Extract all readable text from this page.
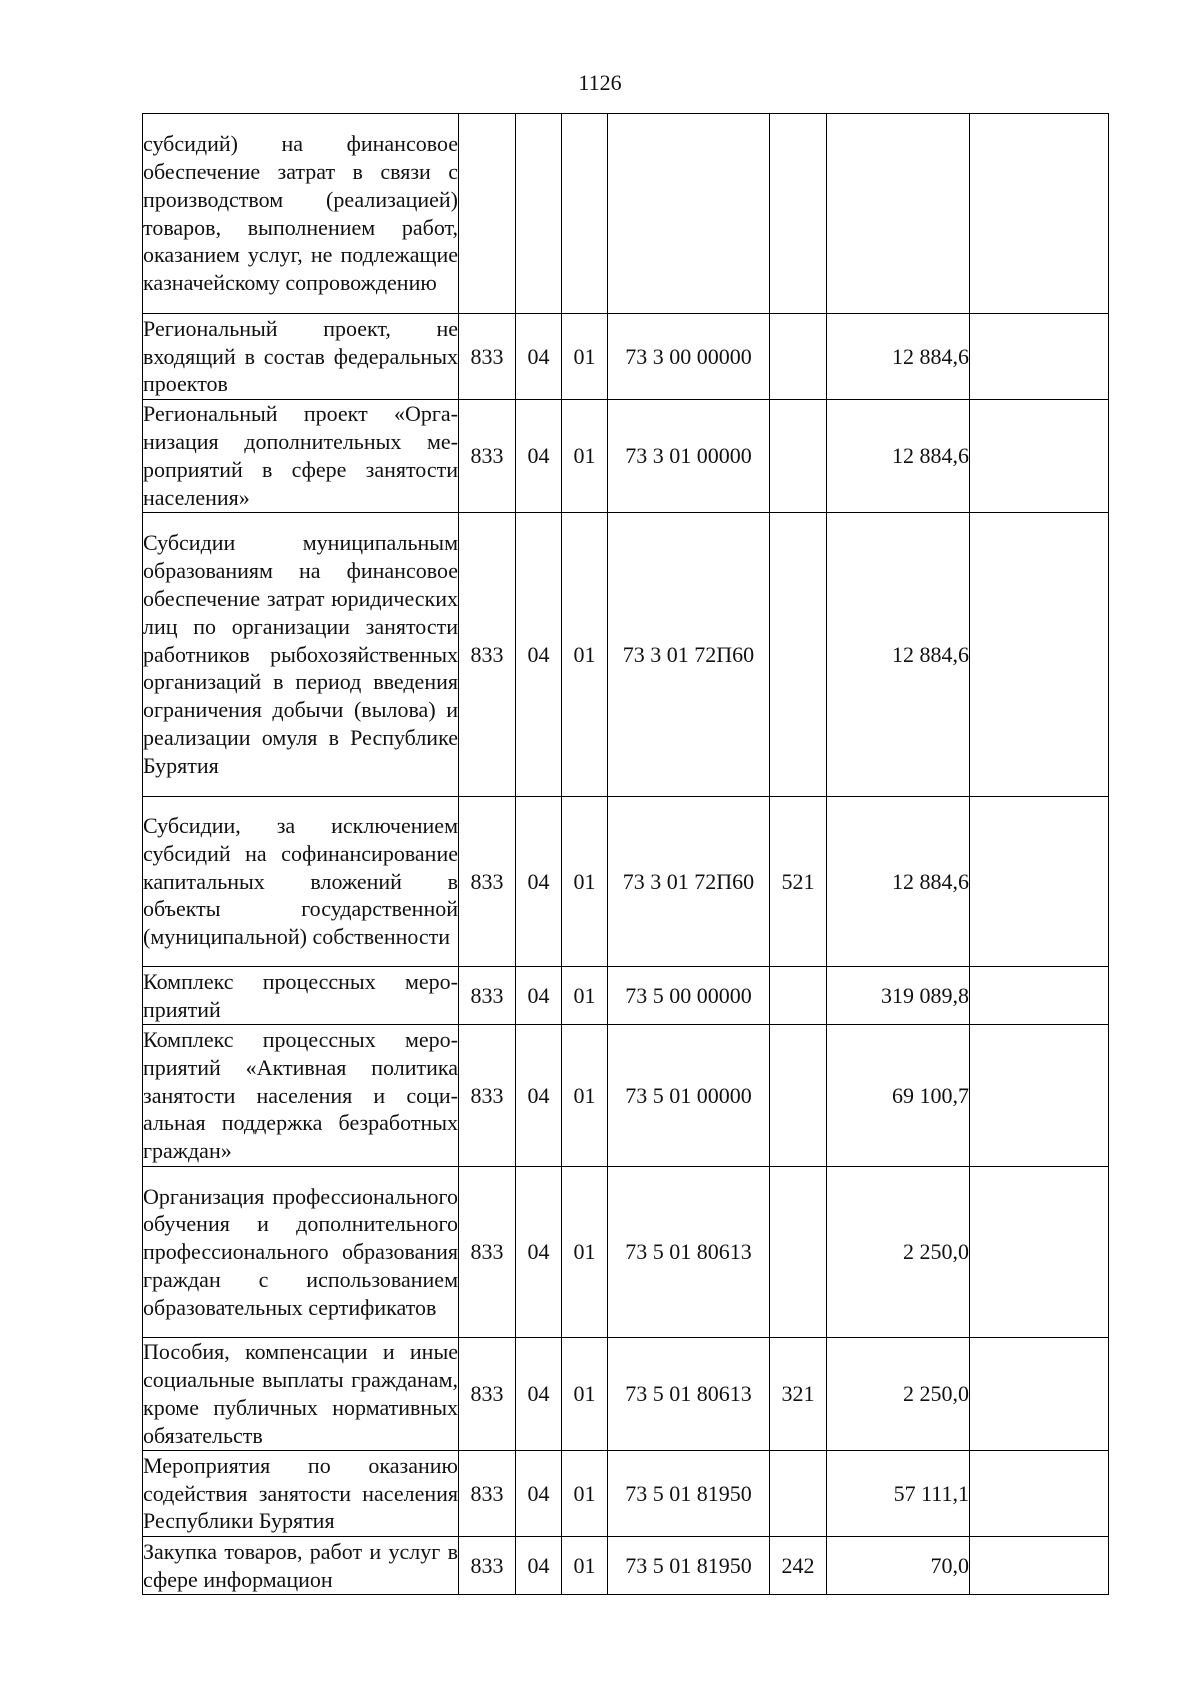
1126
субсидий) на финансовое обеспечение затрат в связи с производством (реализацией) товаров, выполнением работ, оказанием услуг, не подлежащие казначейскому сопровождению							
Региональный проект, не входящий в состав федеральных проектов	833	04	01	73 3 00 00000		12 884,6	
Региональный проект «Организация дополнительных мероприятий в сфере занятости населения»	833	04	01	73 3 01 00000		12 884,6	
Субсидии муниципальным образованиям на финансовое обеспечение затрат юридических лиц по организации занятости работников рыбохозяйственных организаций в период введения ограничения добычи (вылова) и реализации омуля в Республике Бурятия	833	04	01	73 3 01 72П60		12 884,6	
Субсидии, за исключением субсидий на софинансирование капитальных вложений в объекты государственной (муниципальной) собственности	833	04	01	73 3 01 72П60	521	12 884,6	
Комплекс процессных мероприятий	833	04	01	73 5 00 00000		319 089,8	
Комплекс процессных мероприятий «Активная политика занятости населения и социальная поддержка безработных граждан»	833	04	01	73 5 01 00000		69 100,7	
Организация профессионального обучения и дополнительного профессионального образования граждан с использованием образовательных сертификатов	833	04	01	73 5 01 80613		2 250,0	
Пособия, компенсации и иные социальные выплаты гражданам, кроме публичных нормативных обязательств	833	04	01	73 5 01 80613	321	2 250,0	
Мероприятия по оказанию содействия занятости населения Республики Бурятия	833	04	01	73 5 01 81950		57 111,1	
Закупка товаров, работ и услуг в сфере информацион	833	04	01	73 5 01 81950	242	70,0	
